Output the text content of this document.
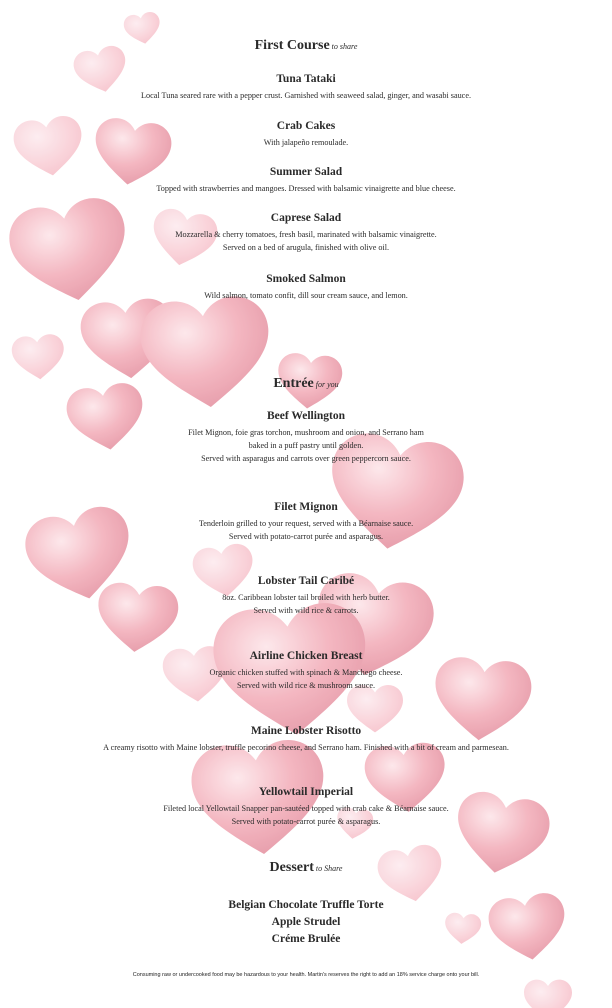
First Course to share
Tuna Tataki
Local Tuna seared rare with a pepper crust. Garnished with seaweed salad, ginger, and wasabi sauce.
Crab Cakes
With jalapeño remoulade.
Summer Salad
Topped with strawberries and mangoes. Dressed with balsamic vinaigrette and blue cheese.
Caprese Salad
Mozzarella & cherry tomatoes, fresh basil, marinated with balsamic vinaigrette.
Served on a bed of arugula, finished with olive oil.
Smoked Salmon
Wild salmon, tomato confit, dill sour cream sauce, and lemon.
Entrée for you
Beef Wellington
Filet Mignon, foie gras torchon, mushroom and onion, and Serrano ham
baked in a puff pastry until golden.
Served with asparagus and carrots over green peppercorn sauce.
Filet Mignon
Tenderloin grilled to your request, served with a Béarnaise sauce.
Served with potato-carrot purée and asparagus.
Lobster Tail Caribé
8oz. Caribbean lobster tail broiled with herb butter.
Served with wild rice & carrots.
Airline Chicken Breast
Organic chicken stuffed with spinach & Manchego cheese.
Served with wild rice & mushroom sauce.
Maine Lobster Risotto
A creamy risotto with Maine lobster, truffle pecorino cheese, and Serrano ham. Finished with a bit of cream and parmesean.
Yellowtail Imperial
Fileted local Yellowtail Snapper pan-sautéed topped with crab cake & Béarnaise sauce.
Served with potato-carrot purée & asparagus.
Dessert to Share
Belgian Chocolate Truffle Torte
Apple Strudel
Créme Brulée
Consuming raw or undercooked food may be hazardous to your health. Martin's reserves the right to add an 18% service charge onto your bill.
